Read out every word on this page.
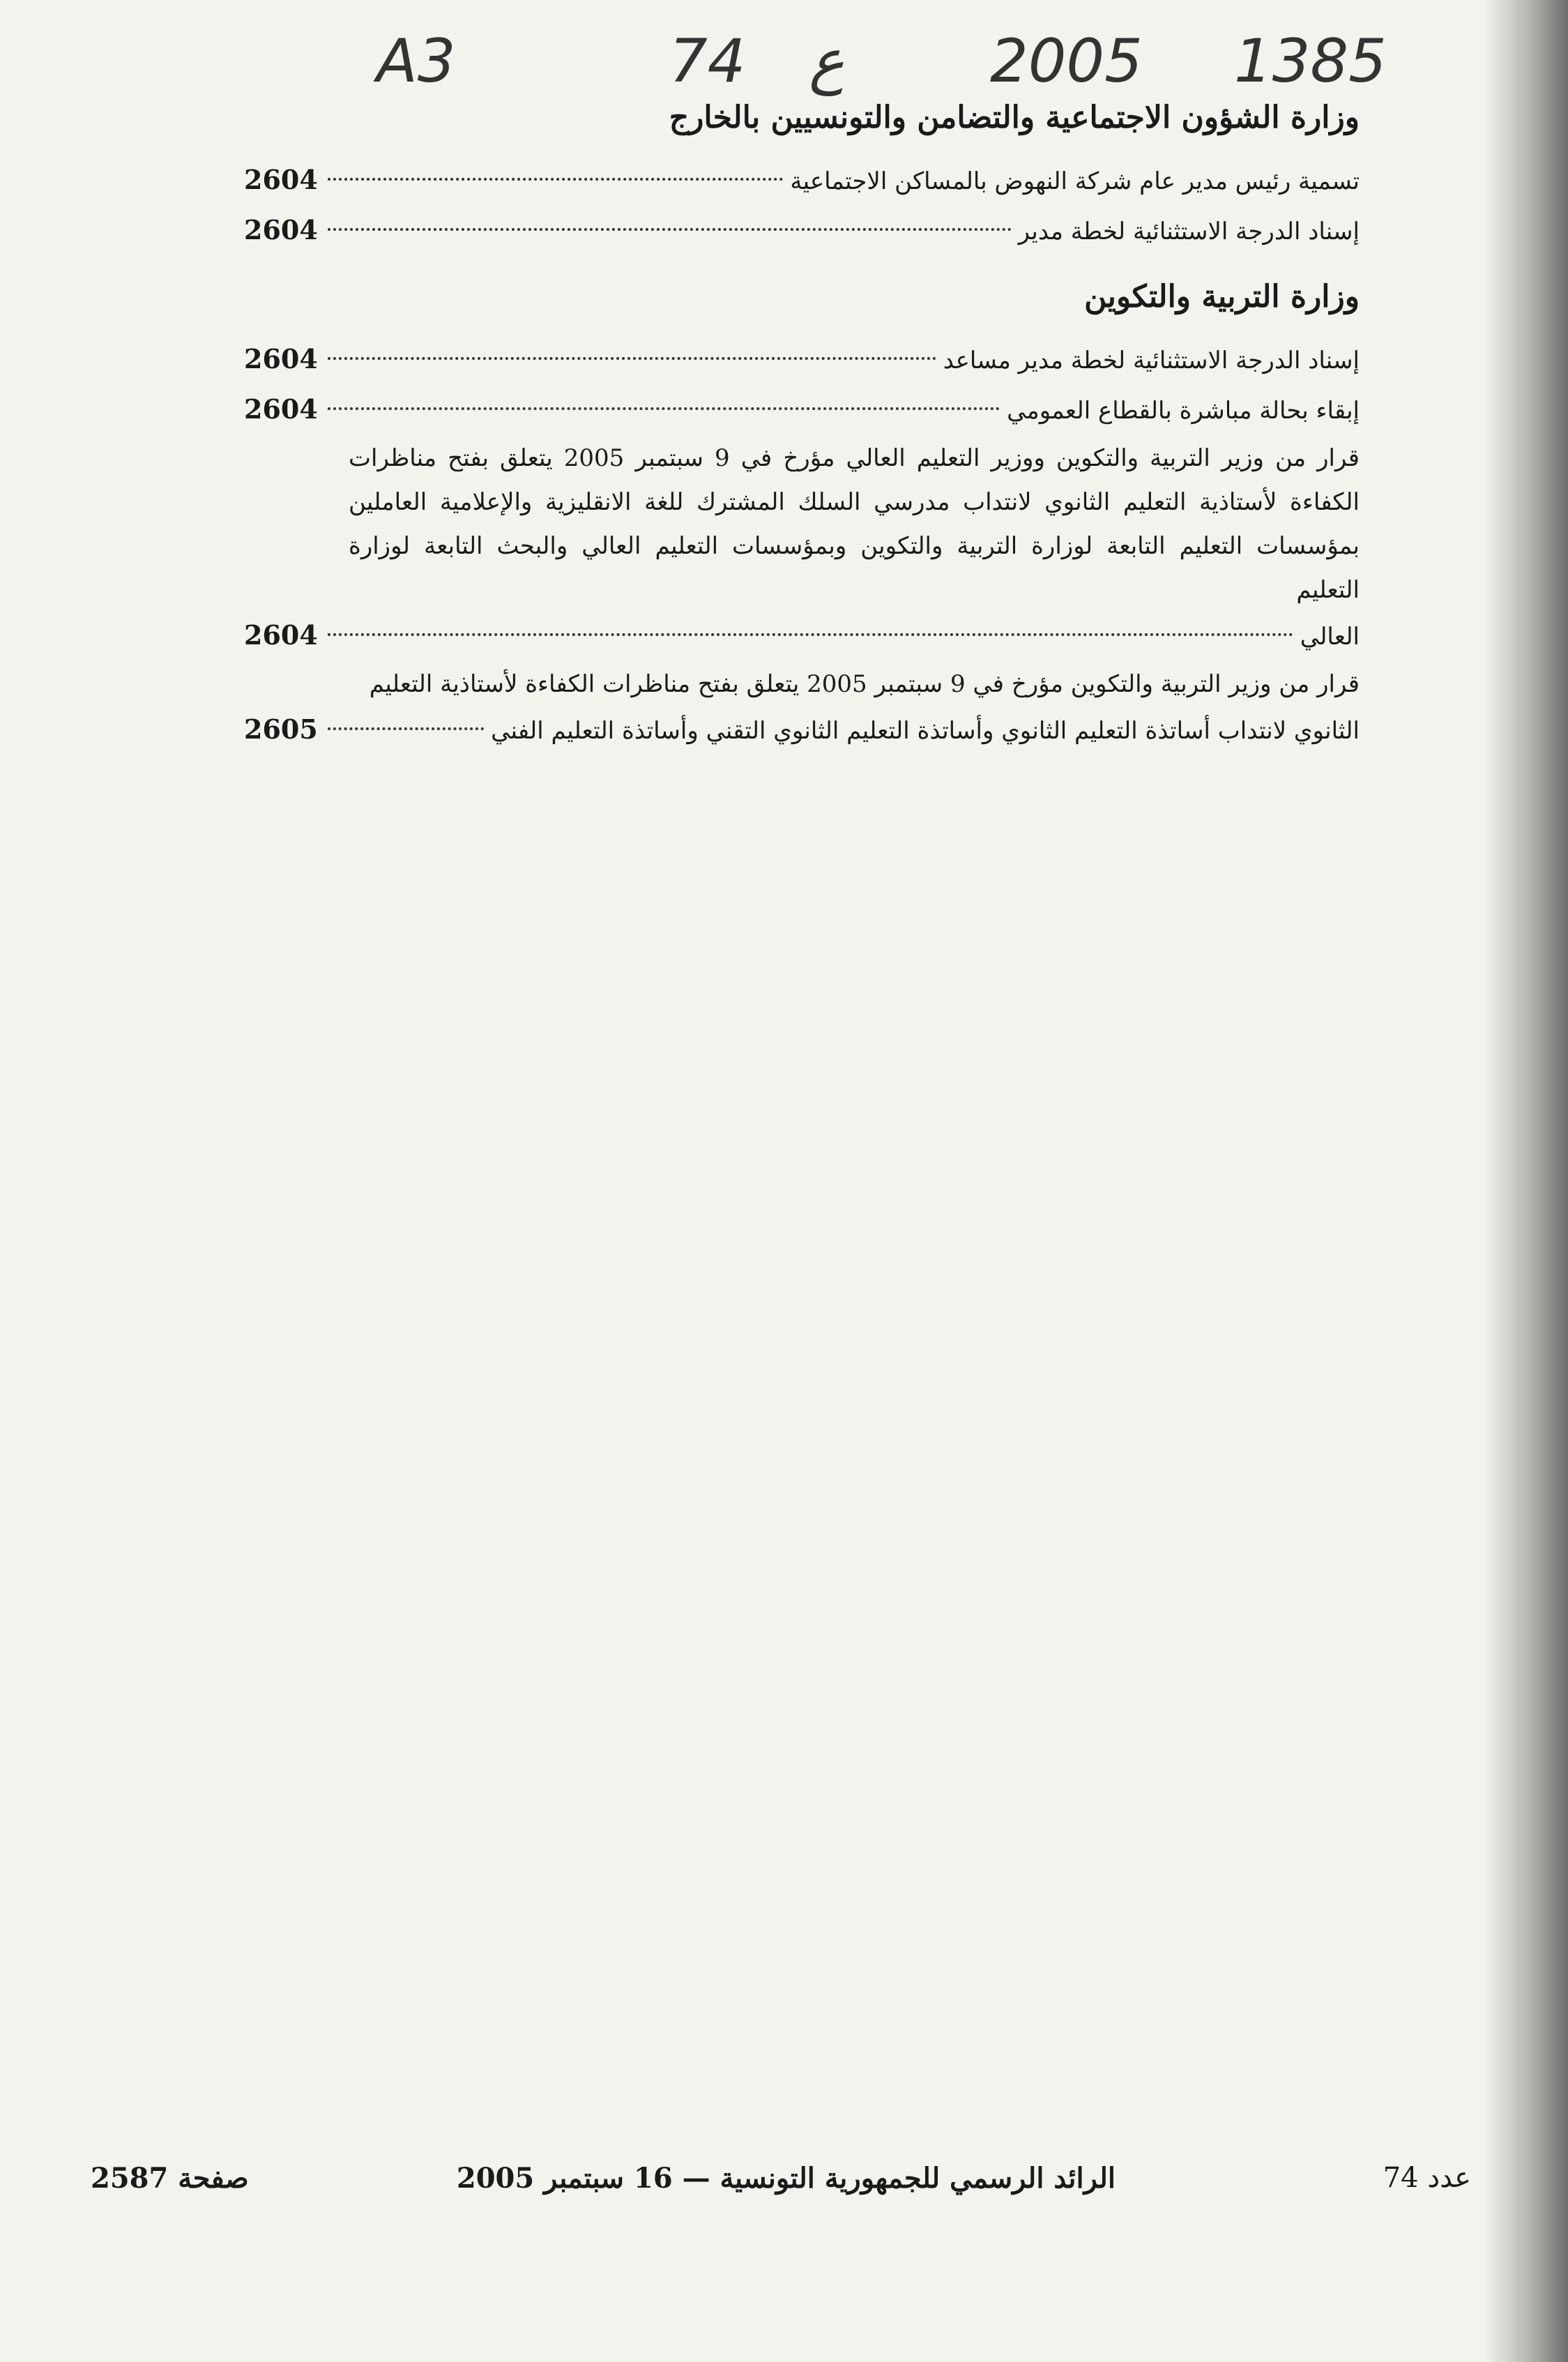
A3	74 ع 2005 1385
وزارة الشؤون الاجتماعية والتضامن والتونسيين بالخارج
تسمية رئيس مدير عام شركة النهوض بالمساكن الاجتماعية
2604
إسناد الدرجة الاستثنائية لخطة مدير
2604
وزارة التربية والتكوين
إسناد الدرجة الاستثنائية لخطة مدير مساعد
2604
إبقاء بحالة مباشرة بالقطاع العمومي
2604

قرار من وزير التربية والتكوين ووزير التعليم العالي مؤرخ في 9 سبتمبر 2005 يتعلق بفتح مناظرات الكفاءة لأستاذية التعليم الثانوي لانتداب مدرسي السلك المشترك للغة الانقليزية والإعلامية العاملين بمؤسسات التعليم التابعة لوزارة التربية والتكوين وبمؤسسات التعليم العالي والبحث التابعة لوزارة التعليم

العالي
2604

قرار من وزير التربية والتكوين مؤرخ في 9 سبتمبر 2005 يتعلق بفتح مناظرات الكفاءة لأستاذية التعليم

الثانوي لانتداب أساتذة التعليم الثانوي وأساتذة التعليم الثانوي التقني وأساتذة التعليم الفني
2605
عدد 74
الرائد الرسمي للجمهورية التونسية — 16 سبتمبر 2005
صفحة 2587
